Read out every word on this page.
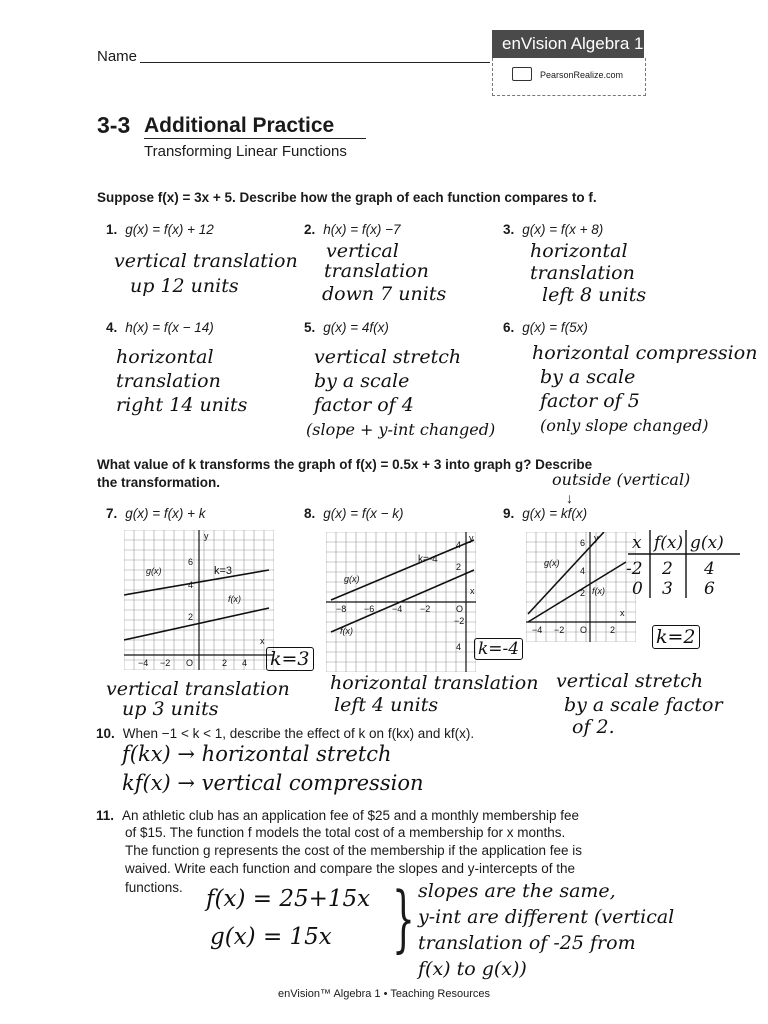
Name
enVision Algebra 1
PearsonRealize.com
3-3 Additional Practice
Transforming Linear Functions
Suppose f(x) = 3x + 5. Describe how the graph of each function compares to f.
1. g(x) = f(x) + 12
vertical translation
up 12 units
2. h(x) = f(x) −7
vertical
translation
down 7 units
3. g(x) = f(x + 8)
horizontal
translation
left 8 units
4. h(x) = f(x − 14)
horizontal
translation
right 14 units
5. g(x) = 4f(x)
vertical stretch
by a scale
factor of 4
(slope + y-int changed)
6. g(x) = f(5x)
horizontal compression
by a scale
factor of 5
(only slope changed)
What value of k transforms the graph of f(x) = 0.5x + 3 into graph g? Describe
the transformation.	outside (vertical)
↓
7. g(x) = f(x) + k	8. g(x) = f(x − k)	9. g(x) = kf(x)
y
x
6
4
2
−4 −2 O	2 4
g(x)
f(x)
k=3
k=3
vertical translation
up 3 units
y
x
4
2
−2
4
−8 −6 −4 −2	O
g(x)
f(x)
k=-4
k=-4
horizontal translation
left 4 units
y
x
6
4
2
−4 −2 O	2
g(x)
f(x)
x f(x) g(x)
-2 2 4
0 3 6
k=2
vertical stretch
by a scale factor
of 2.
10. When −1 < k < 1, describe the effect of k on f(kx) and kf(x).
f(kx) → horizontal stretch
kf(x) → vertical compression
11. An athletic club has an application fee of $25 and a monthly membership fee
of $15. The function f models the total cost of a membership for x months.
The function g represents the cost of the membership if the application fee is
waived. Write each function and compare the slopes and y-intercepts of the
functions. f(x) = 25+15x
g(x) = 15x } slopes are the same,
y-int are different (vertical
translation of -25 from
f(x) to g(x))
enVision™ Algebra 1 • Teaching Resources
